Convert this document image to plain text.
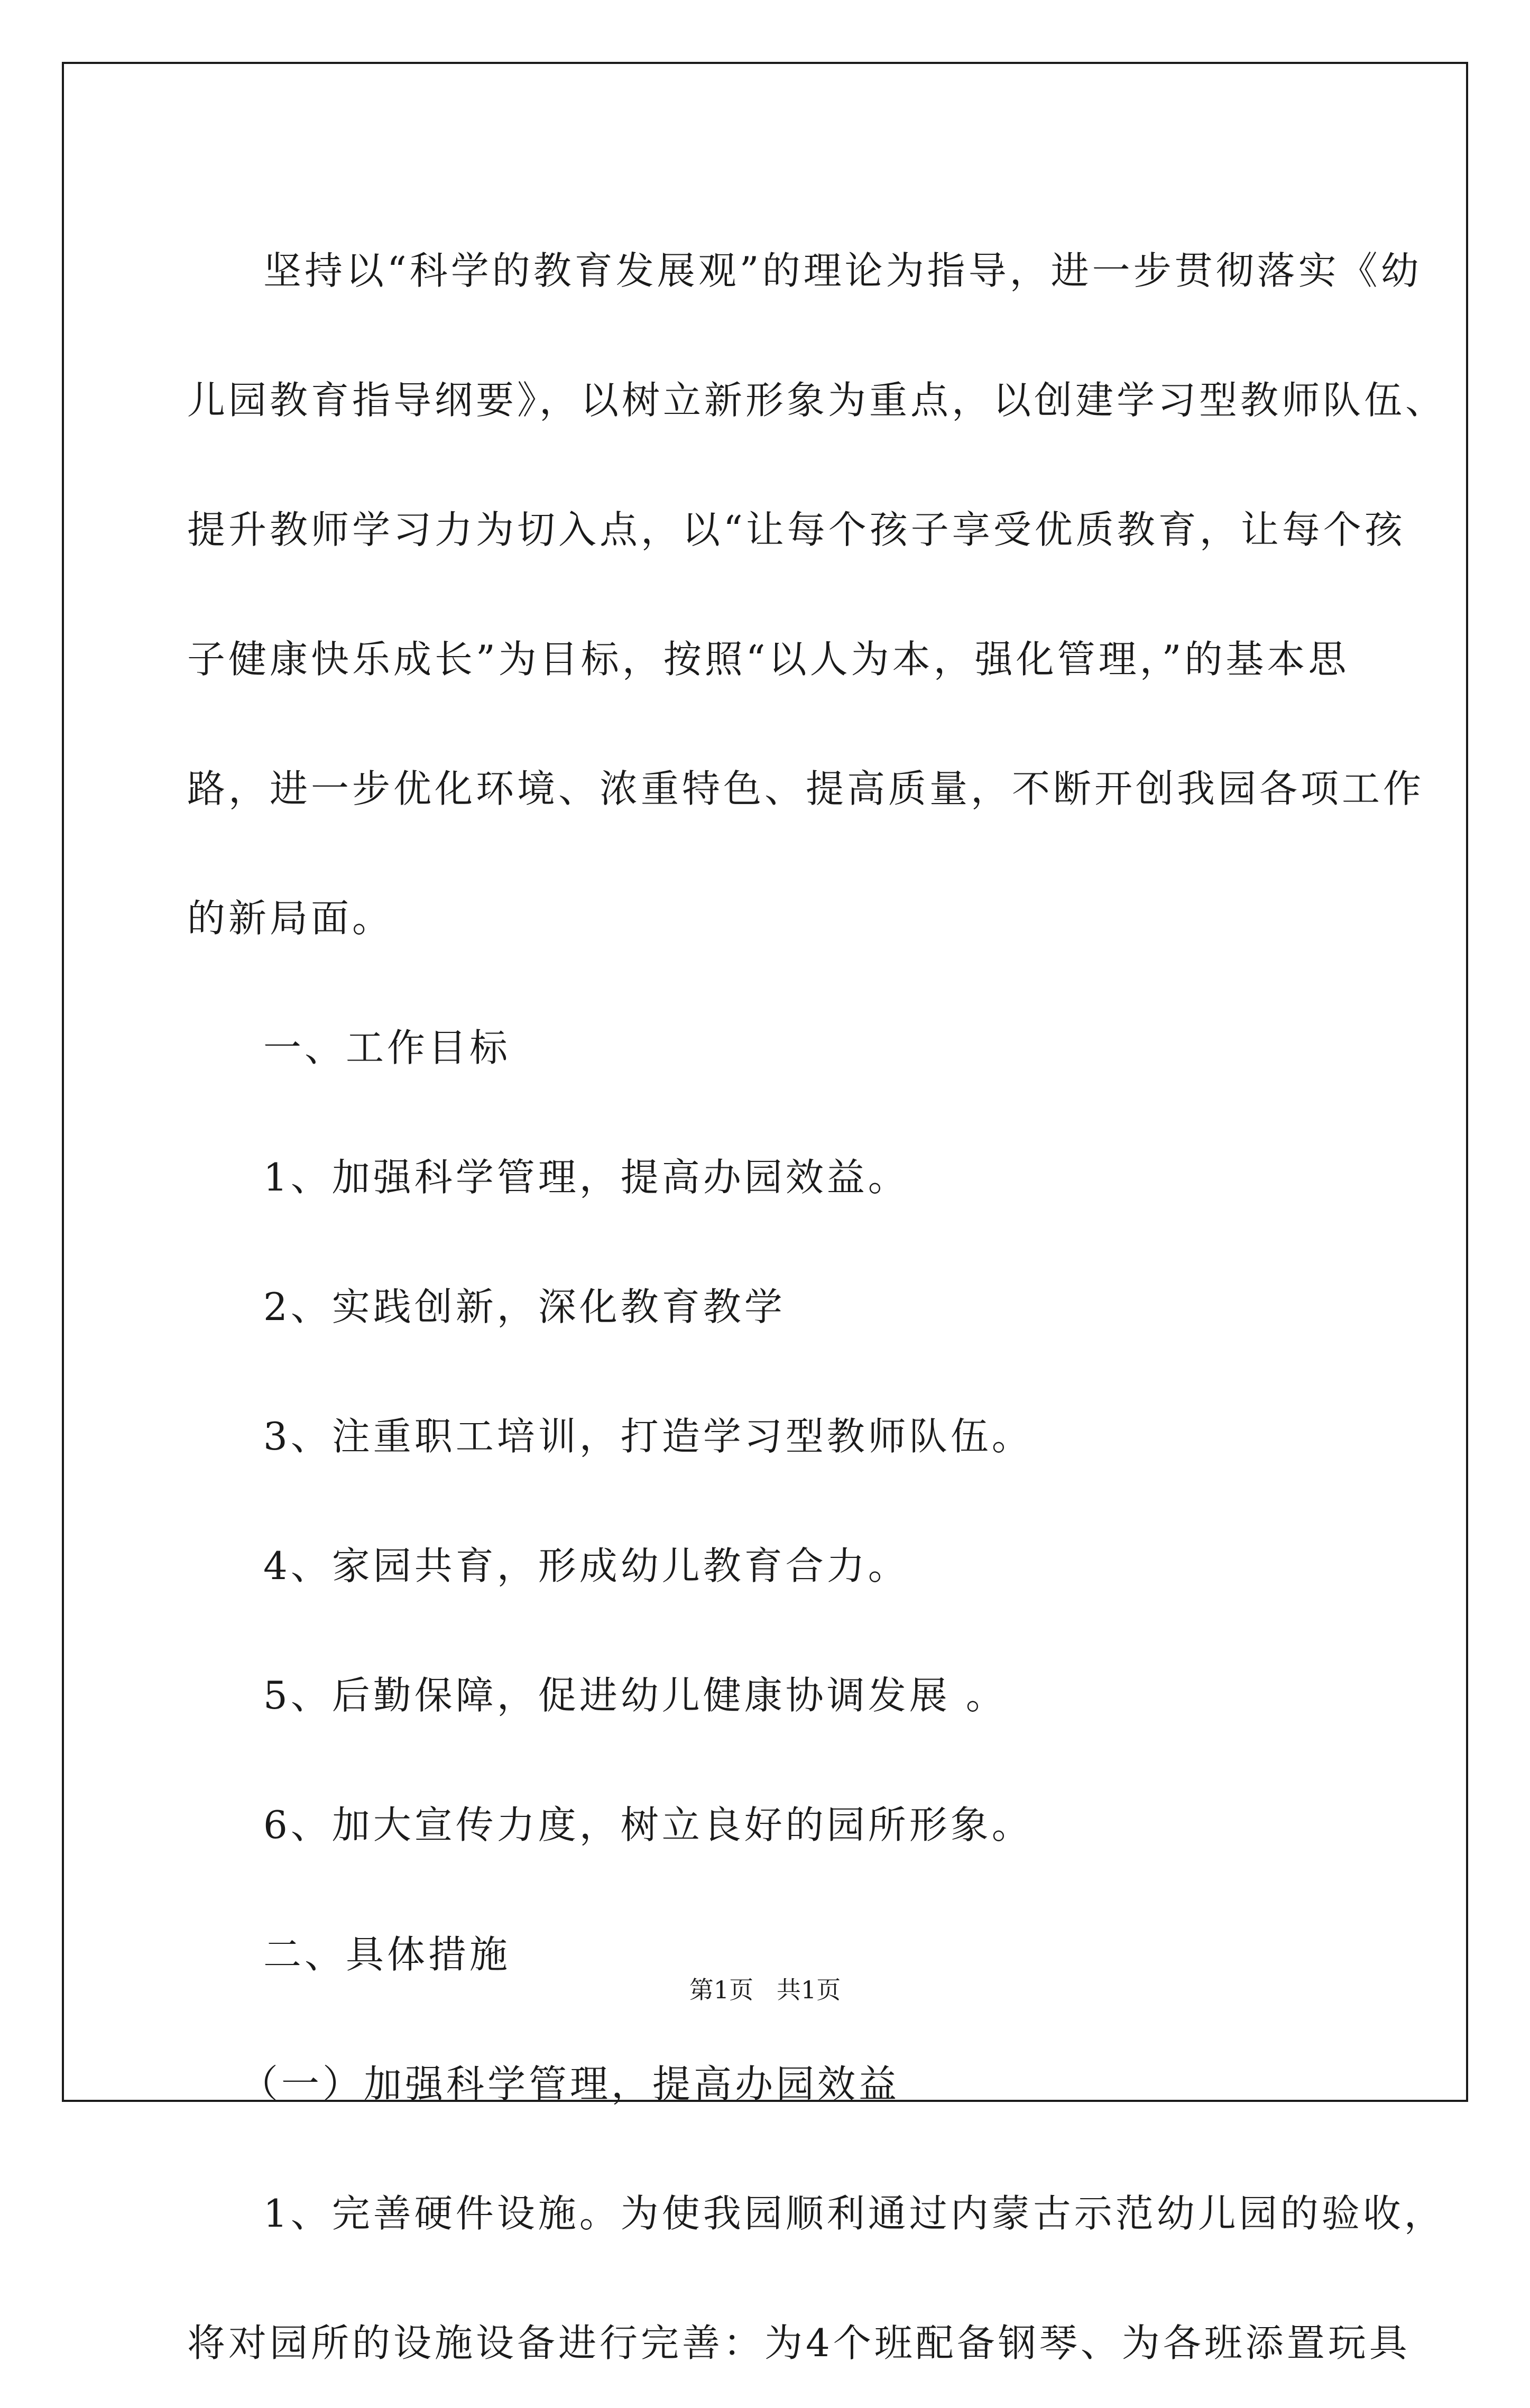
坚持以“科学的教育发展观”的理论为指导，进一步贯彻落实《幼
儿园教育指导纲要》，以树立新形象为重点，以创建学习型教师队伍、
提升教师学习力为切入点，以“让每个孩子享受优质教育，让每个孩
子健康快乐成长”为目标，按照“以人为本，强化管理，”的基本思
路，进一步优化环境、浓重特色、提高质量，不断开创我园各项工作
的新局面。
一、工作目标
1、加强科学管理，提高办园效益。
2、实践创新，深化教育教学
3、注重职工培训，打造学习型教师队伍。
4、家园共育，形成幼儿教育合力。
5、后勤保障，促进幼儿健康协调发展 。
6、加大宣传力度，树立良好的园所形象。
二、具体措施
（一）加强科学管理，提高办园效益
1、完善硬件设施。为使我园顺利通过内蒙古示范幼儿园的验收，
将对园所的设施设备进行完善：为4个班配备钢琴、为各班添置玩具
第1页   共1页
